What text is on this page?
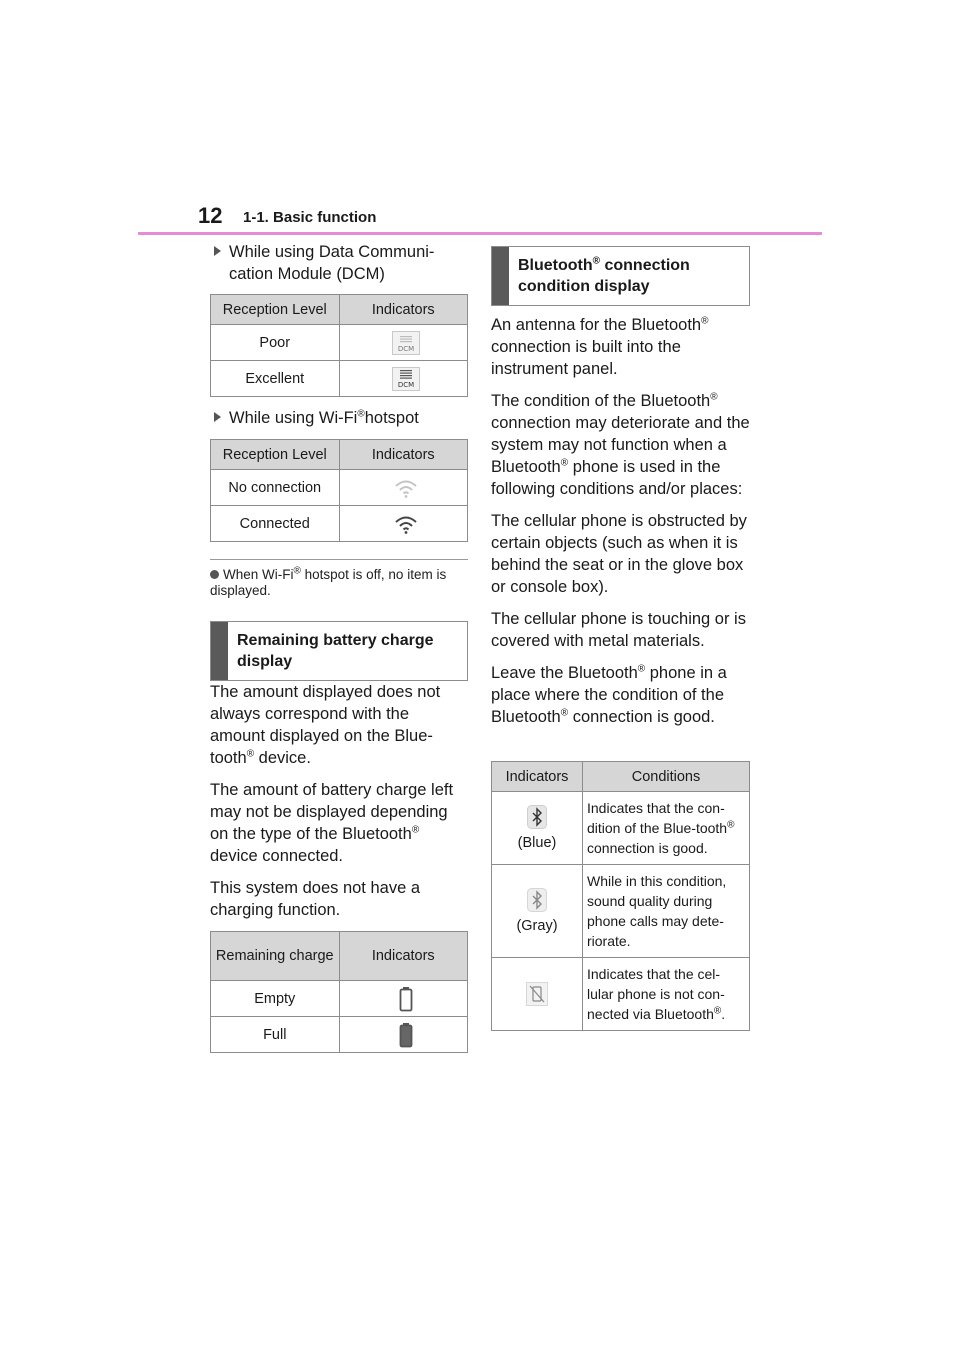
12 1-1. Basic function
While using Data Communi-
cation Module (DCM)
Reception Level	Indicators
Poor	DCM

Excellent	DCM
While using Wi-Fi®hotspot
Reception Level	Indicators
No connection	

Connected	
When Wi-Fi® hotspot is off, no item is displayed.
Remaining battery charge display

The amount displayed does not always correspond with the amount displayed on the Blue-tooth® device.

The amount of battery charge left may not be displayed depending on the type of the Bluetooth® device connected.

This system does not have a charging function.

Remaining charge	Indicators
Empty	

Full	
Bluetooth® connection condition display

An antenna for the Bluetooth® connection is built into the instrument panel.

The condition of the Bluetooth® connection may deteriorate and the system may not function when a Bluetooth® phone is used in the following conditions and/or places:

The cellular phone is obstructed by certain objects (such as when it is behind the seat or in the glove box or console box).

The cellular phone is touching or is covered with metal materials.

Leave the Bluetooth® phone in a place where the condition of the Bluetooth® connection is good.

Indicators	Conditions

(Blue)	Indicates that the con-dition of the Blue-tooth® connection is good.

(Gray)	While in this condition, sound quality during phone calls may dete-riorate.

	Indicates that the cel-lular phone is not con-nected via Bluetooth®.
